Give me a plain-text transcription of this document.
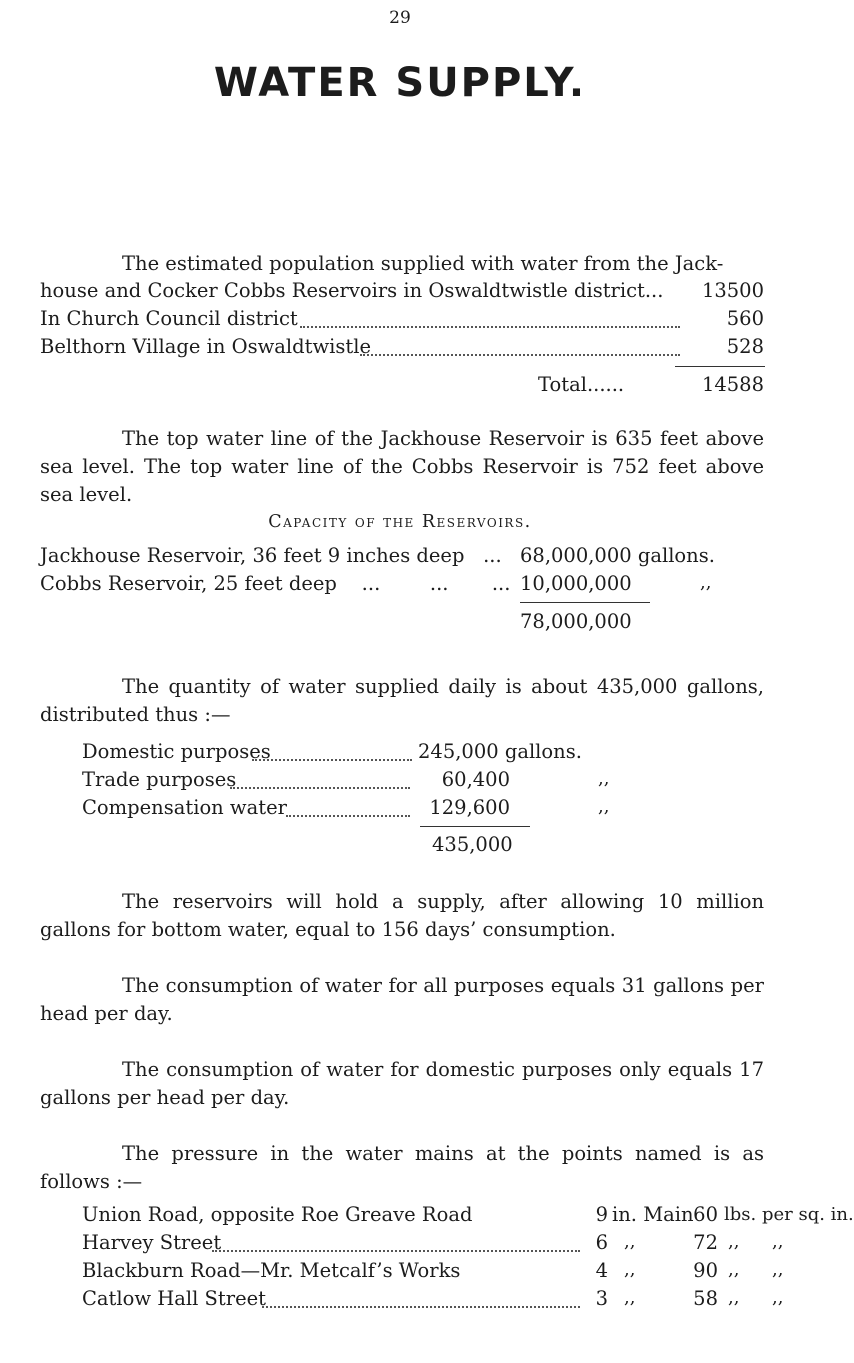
29
WATER SUPPLY.
The estimated population supplied with water from the Jack-
house and Cocker Cobbs Reservoirs in Oswaldtwistle district...	13500
In Church Council district	560
Belthorn Village in Oswaldtwistle	528
Total......	14588
The top water line of the Jackhouse Reservoir is 635 feet above sea level. The top water line of the Cobbs Reservoir is 752 feet above sea level.
Capacity of the Reservoirs.
Jackhouse Reservoir, 36 feet 9 inches deep   ... 68,000,000 gallons.
Cobbs Reservoir, 25 feet deep    ...        ...       ... 10,000,000	,,
78,000,000
The quantity of water supplied daily is about 435,000 gallons, distributed thus :—
Domestic purposes	245,000 gallons.
Trade purposes	60,400	,,
Compensation water	129,600	,,
435,000
The reservoirs will hold a supply, after allowing 10 million gallons for bottom water, equal to 156 days’ consumption.
The consumption of water for all purposes equals 31 gallons per head per day.
The consumption of water for domestic purposes only equals 17 gallons per head per day.
The pressure in the water mains at the points named is as follows :—
Union Road, opposite Roe Greave Road	9 in. Main 60 lbs. per sq. in.
Harvey Street	6 ,,	72 ,, ,,
Blackburn Road—Mr. Metcalf’s Works	4 ,,	90 ,, ,,
Catlow Hall Street	3 ,,	58 ,, ,,
